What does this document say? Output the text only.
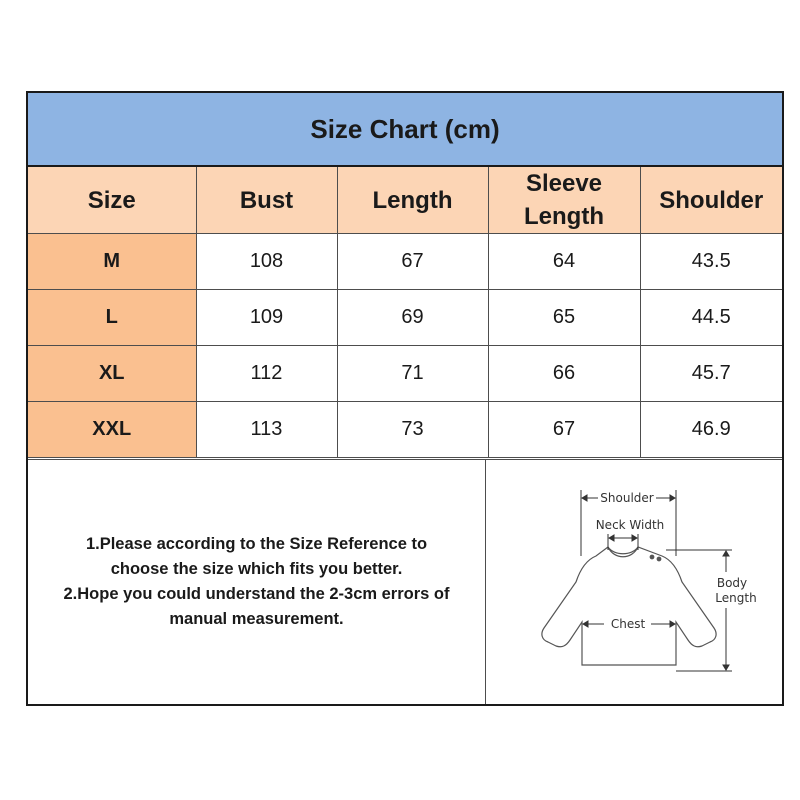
Size Chart (cm)
Size	Bust	Length	Sleeve Length	Shoulder
M	108	67	64	43.5
L	109	69	65	44.5
XL	112	71	66	45.7
XXL	113	73	67	46.9
1.Please according to the Size Reference to
choose the size which fits you better.
2.Hope you could understand the 2-3cm errors of
manual measurement.
Shoulder
Neck Width
Body
Length
Chest
